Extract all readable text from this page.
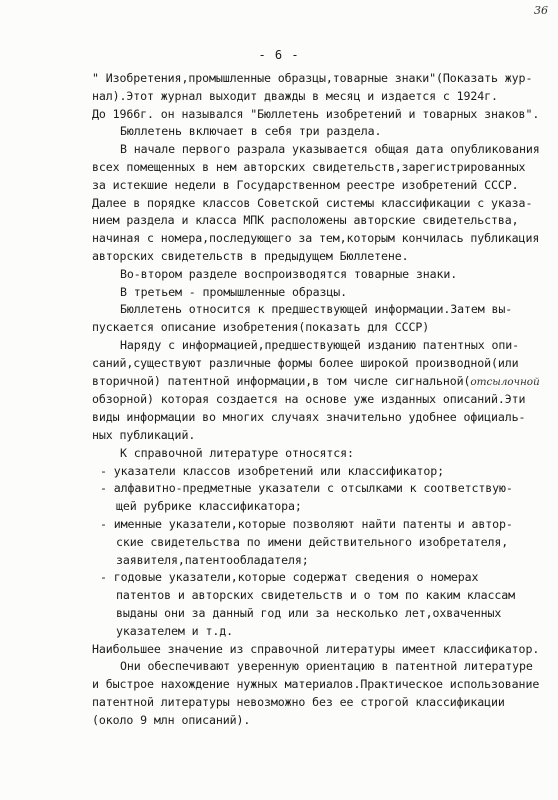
36
- 6 -
" Изобретения,промышленные образцы,товарные знаки"(Показать жур-
нал).Этот журнал выходит дважды в месяц и издается с 1924г.
До 1966г. он назывался "Бюллетень изобретений и товарных знаков".
Бюллетень включает в себя три раздела.
В начале первого разрала указывается общая дата опубликования
всех помещенных в нем авторских свидетельств,зарегистрированных
за истекшие недели в Государственном реестре изобретений СССР.
Далее в порядке классов Советской системы классификации с указа-
нием раздела и класса МПК расположены авторские свидетельства,
начиная с номера,последующего за тем,которым кончилась публикация
авторских свидетельств в предыдущем Бюллетене.
Во-втором разделе воспроизводятся товарные знаки.
В третьем - промышленные образцы.
Бюллетень относится к предшествующей информации.Затем вы-
пускается описание изобретения(показать для СССР)
Наряду с информацией,предшествующей изданию патентных опи-
саний,существуют различные формы более широкой производной(или
вторичной) патентной информации,в том числе сигнальной(отсылочной
обзорной) которая создается на основе уже изданных описаний.Эти
виды информации во многих случаях значительно удобнее официаль-
ных публикаций.
К справочной литературе относятся:
- указатели классов изобретений или классификатор;
- алфавитно-предметные указатели с отсылками к соответствую-
щей рубрике классификатора;
- именные указатели,которые позволяют найти патенты и автор-
ские свидетельства по имени действительного изобретателя,
заявителя,патентообладателя;
- годовые указатели,которые содержат сведения о номерах
патентов и авторских свидетельств и о том по каким классам
выданы они за данный год или за несколько лет,охваченных
указателем и т.д.
Наибольшее значение из справочной литературы имеет классификатор.
Они обеспечивают уверенную ориентацию в патентной литературе
и быстрое нахождение нужных материалов.Практическое использование
патентной литературы невозможно без ее строгой классификации
(около 9 млн описаний).
